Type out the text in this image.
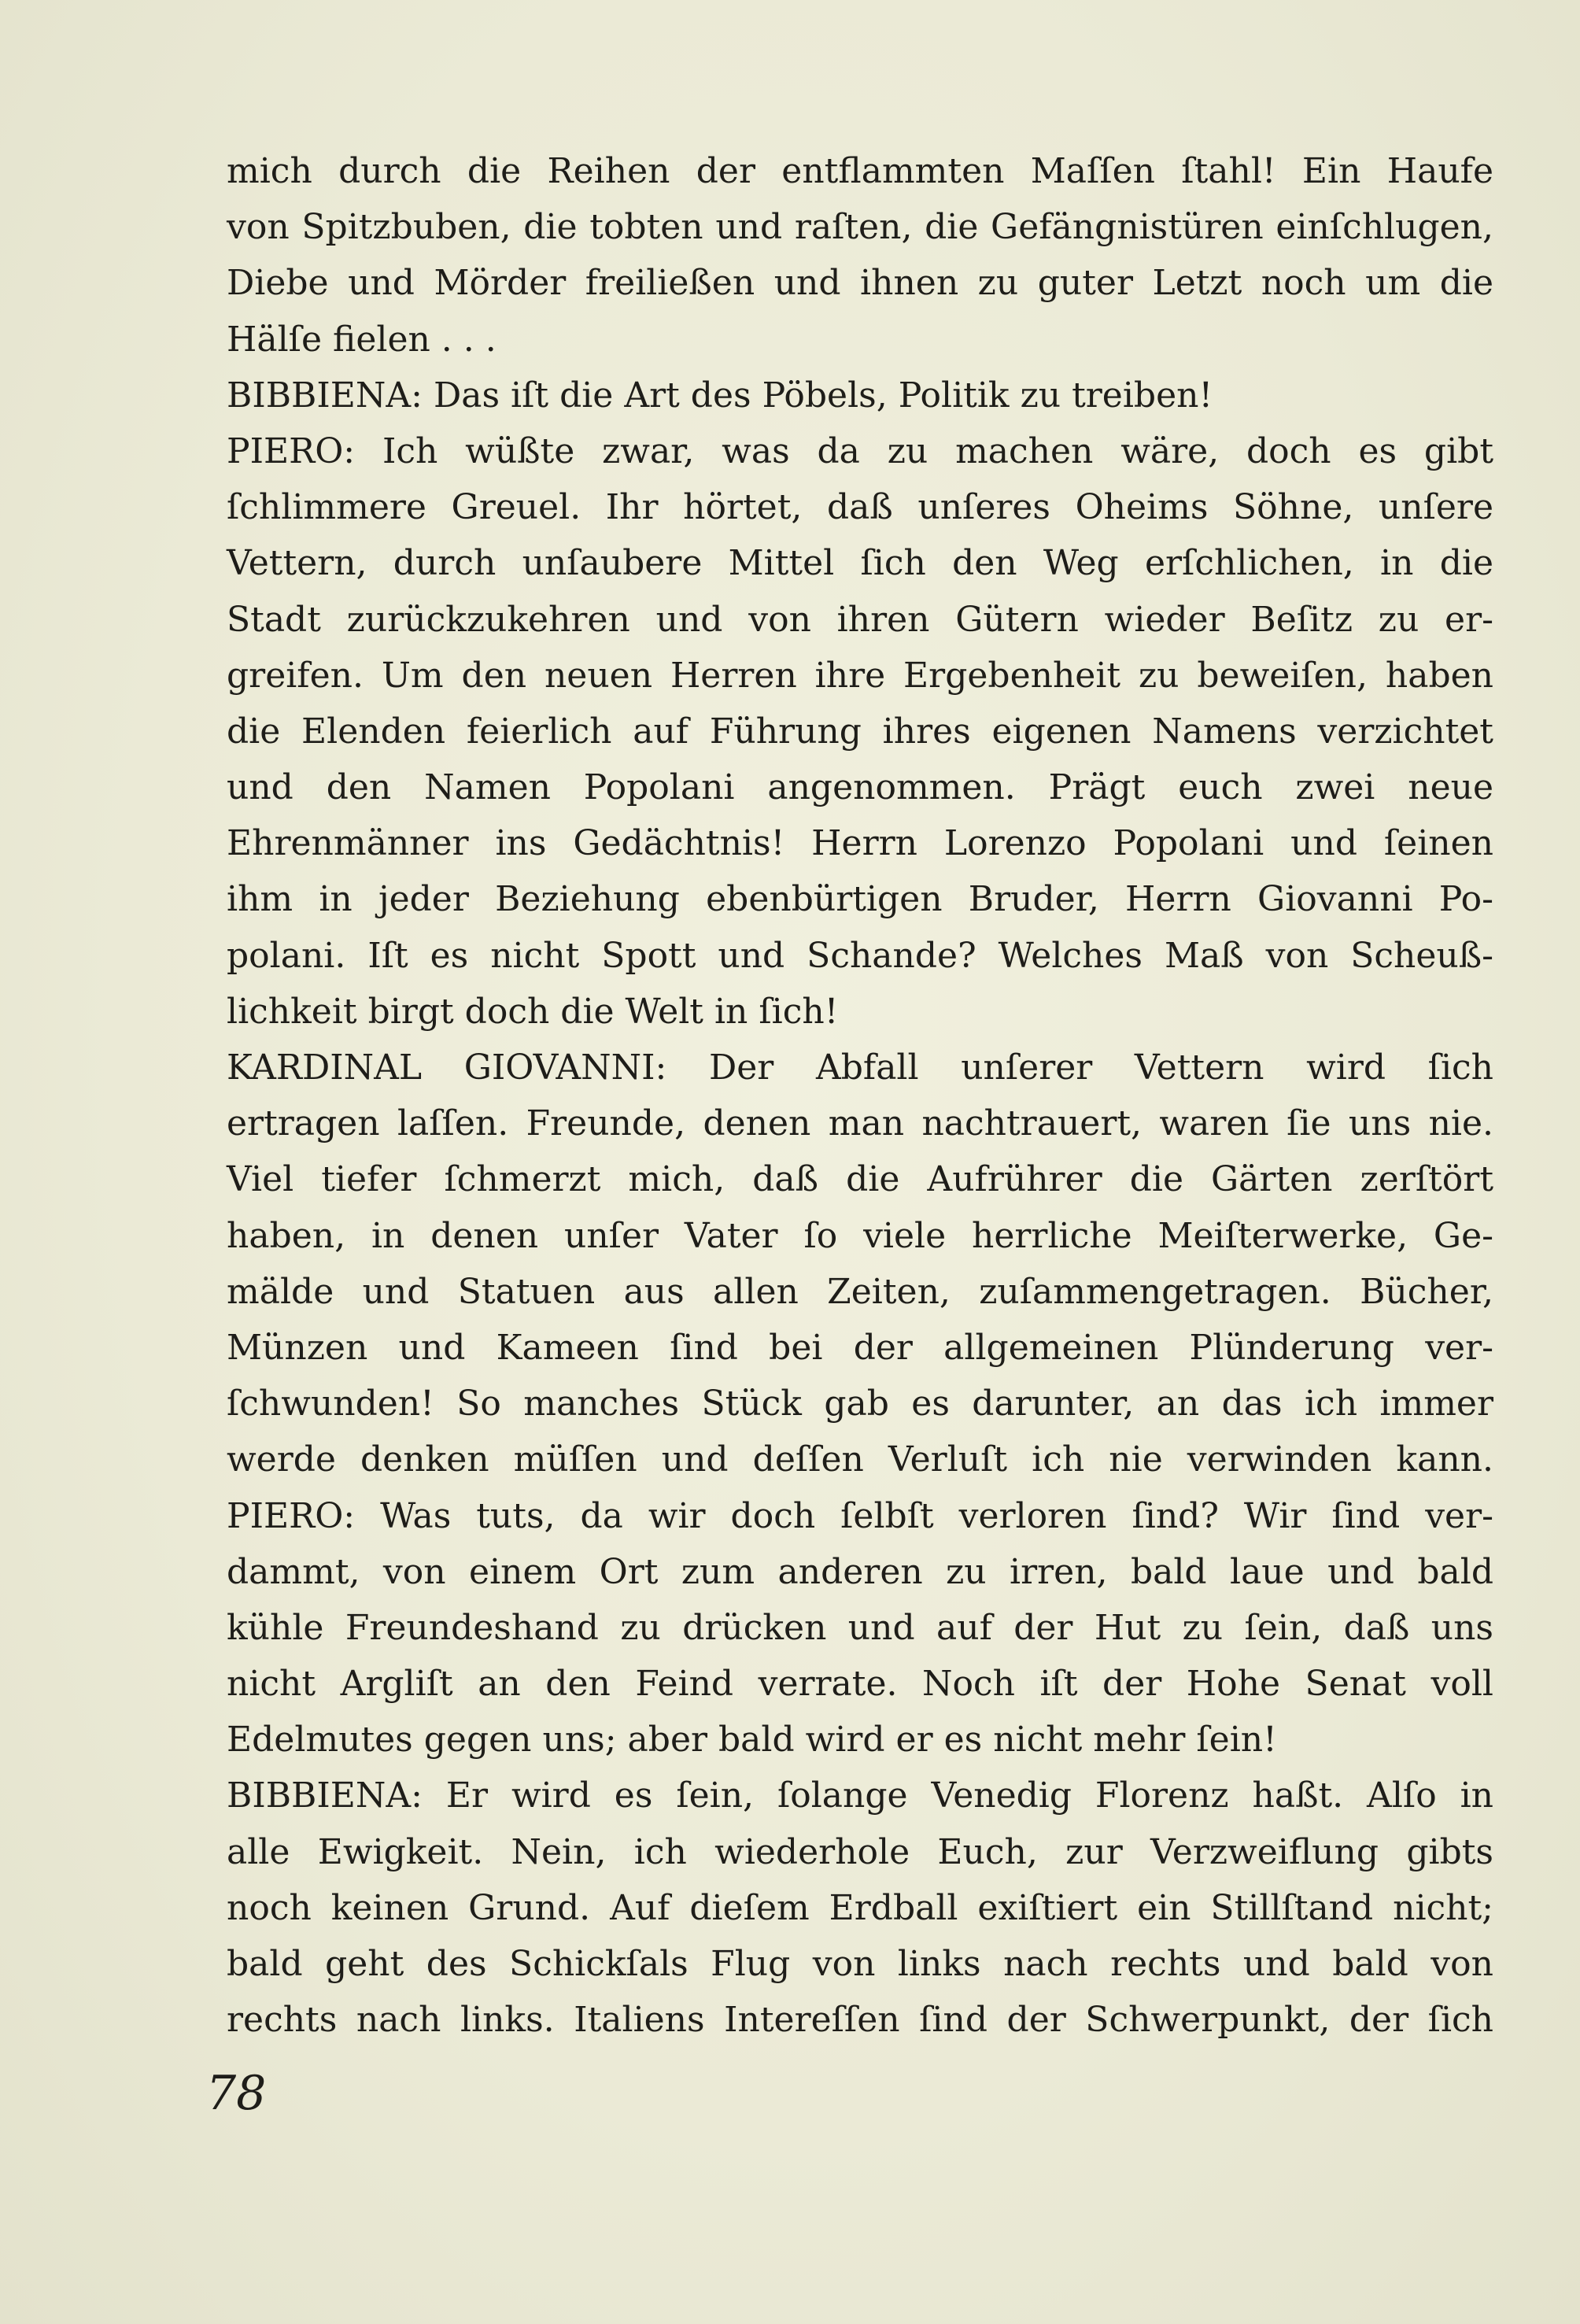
mich durch die Reihen der entflammten Maſſen ſtahl! Ein Haufe
von Spitzbuben, die tobten und raſten, die Gefängnistüren einſchlugen,
Diebe und Mörder freiließen und ihnen zu guter Letzt noch um die
Hälſe fielen . . .
BIBBIENA: Das iſt die Art des Pöbels, Politik zu treiben!
PIERO: Ich wüßte zwar, was da zu machen wäre, doch es gibt
ſchlimmere Greuel. Ihr hörtet, daß unſeres Oheims Söhne, unſere
Vettern, durch unſaubere Mittel ſich den Weg erſchlichen, in die
Stadt zurückzukehren und von ihren Gütern wieder Beſitz zu er-
greifen. Um den neuen Herren ihre Ergebenheit zu beweiſen, haben
die Elenden feierlich auf Führung ihres eigenen Namens verzichtet
und den Namen Popolani angenommen. Prägt euch zwei neue
Ehrenmänner ins Gedächtnis! Herrn Lorenzo Popolani und ſeinen
ihm in jeder Beziehung ebenbürtigen Bruder, Herrn Giovanni Po-
polani. Iſt es nicht Spott und Schande? Welches Maß von Scheuß-
lichkeit birgt doch die Welt in ſich!
KARDINAL GIOVANNI: Der Abfall unſerer Vettern wird ſich
ertragen laſſen. Freunde, denen man nachtrauert, waren ſie uns nie.
Viel tiefer ſchmerzt mich, daß die Aufrührer die Gärten zerſtört
haben, in denen unſer Vater ſo viele herrliche Meiſterwerke, Ge-
mälde und Statuen aus allen Zeiten, zuſammengetragen. Bücher,
Münzen und Kameen ſind bei der allgemeinen Plünderung ver-
ſchwunden! So manches Stück gab es darunter, an das ich immer
werde denken müſſen und deſſen Verluſt ich nie verwinden kann.
PIERO: Was tuts, da wir doch ſelbſt verloren ſind? Wir ſind ver-
dammt, von einem Ort zum anderen zu irren, bald laue und bald
kühle Freundeshand zu drücken und auf der Hut zu ſein, daß uns
nicht Argliſt an den Feind verrate. Noch iſt der Hohe Senat voll
Edelmutes gegen uns; aber bald wird er es nicht mehr ſein!
BIBBIENA: Er wird es ſein, ſolange Venedig Florenz haßt. Alſo in
alle Ewigkeit. Nein, ich wiederhole Euch, zur Verzweiflung gibts
noch keinen Grund. Auf dieſem Erdball exiſtiert ein Stillſtand nicht;
bald geht des Schickſals Flug von links nach rechts und bald von
rechts nach links. Italiens Intereſſen ſind der Schwerpunkt, der ſich
78
